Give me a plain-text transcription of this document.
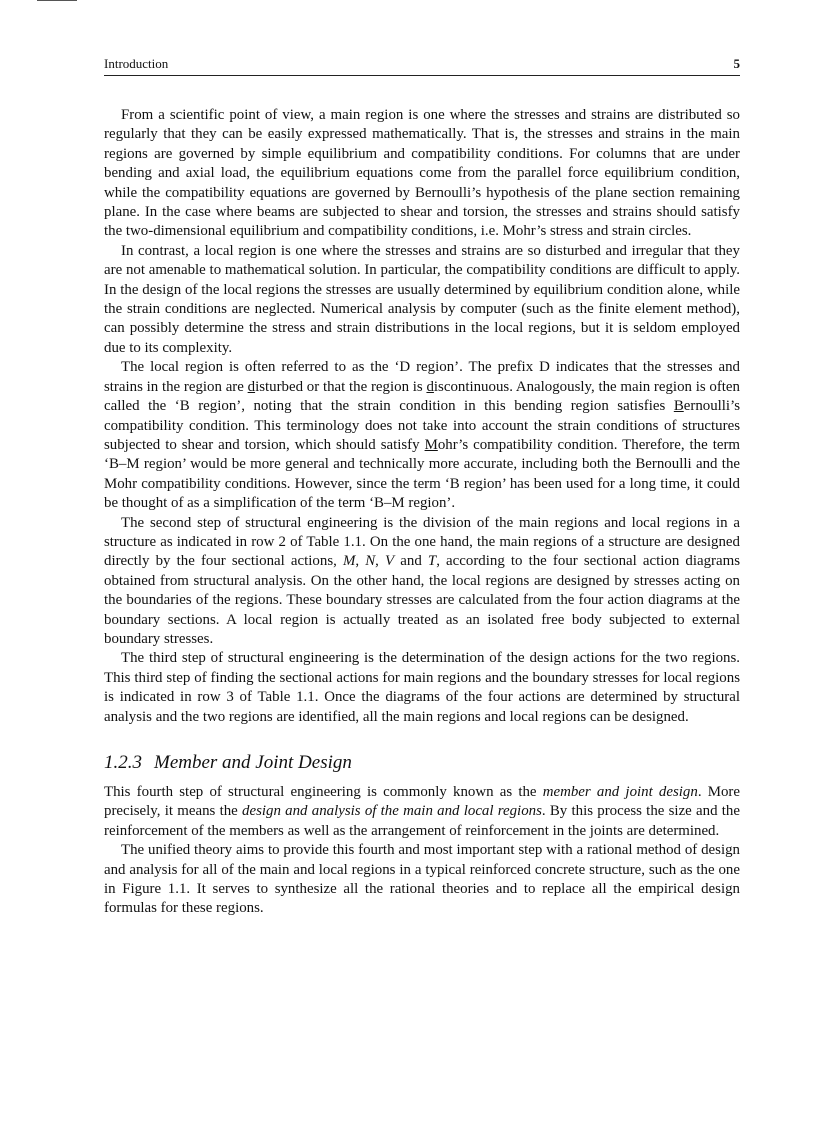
Introduction	5

From a scientific point of view, a main region is one where the stresses and strains are distributed so regularly that they can be easily expressed mathematically. That is, the stresses and strains in the main regions are governed by simple equilibrium and compatibility conditions. For columns that are under bending and axial load, the equilibrium equations come from the parallel force equilibrium condition, while the compatibility equations are governed by Bernoulli’s hypothesis of the plane section remaining plane. In the case where beams are subjected to shear and torsion, the stresses and strains should satisfy the two-dimensional equilibrium and compatibility conditions, i.e. Mohr’s stress and strain circles.

In contrast, a local region is one where the stresses and strains are so disturbed and irregular that they are not amenable to mathematical solution. In particular, the compatibility conditions are difficult to apply. In the design of the local regions the stresses are usually determined by equilibrium condition alone, while the strain conditions are neglected. Numerical analysis by computer (such as the finite element method), can possibly determine the stress and strain distributions in the local regions, but it is seldom employed due to its complexity.

The local region is often referred to as the ‘D region’. The prefix D indicates that the stresses and strains in the region are disturbed or that the region is discontinuous. Analogously, the main region is often called the ‘B region’, noting that the strain condition in this bending region satisfies Bernoulli’s compatibility condition. This terminology does not take into account the strain conditions of structures subjected to shear and torsion, which should satisfy Mohr’s compatibility condition. Therefore, the term ‘B–M region’ would be more general and technically more accurate, including both the Bernoulli and the Mohr compatibility conditions. However, since the term ‘B region’ has been used for a long time, it could be thought of as a simplification of the term ‘B–M region’.

The second step of structural engineering is the division of the main regions and local regions in a structure as indicated in row 2 of Table 1.1. On the one hand, the main regions of a structure are designed directly by the four sectional actions, M, N, V and T, according to the four sectional action diagrams obtained from structural analysis. On the other hand, the local regions are designed by stresses acting on the boundaries of the regions. These boundary stresses are calculated from the four action diagrams at the boundary sections. A local region is actually treated as an isolated free body subjected to external boundary stresses.

The third step of structural engineering is the determination of the design actions for the two regions. This third step of finding the sectional actions for main regions and the boundary stresses for local regions is indicated in row 3 of Table 1.1. Once the diagrams of the four actions are determined by structural analysis and the two regions are identified, all the main regions and local regions can be designed.

1.2.3 Member and Joint Design

This fourth step of structural engineering is commonly known as the member and joint design. More precisely, it means the design and analysis of the main and local regions. By this process the size and the reinforcement of the members as well as the arrangement of reinforcement in the joints are determined.

The unified theory aims to provide this fourth and most important step with a rational method of design and analysis for all of the main and local regions in a typical reinforced concrete structure, such as the one in Figure 1.1. It serves to synthesize all the rational theories and to replace all the empirical design formulas for these regions.
